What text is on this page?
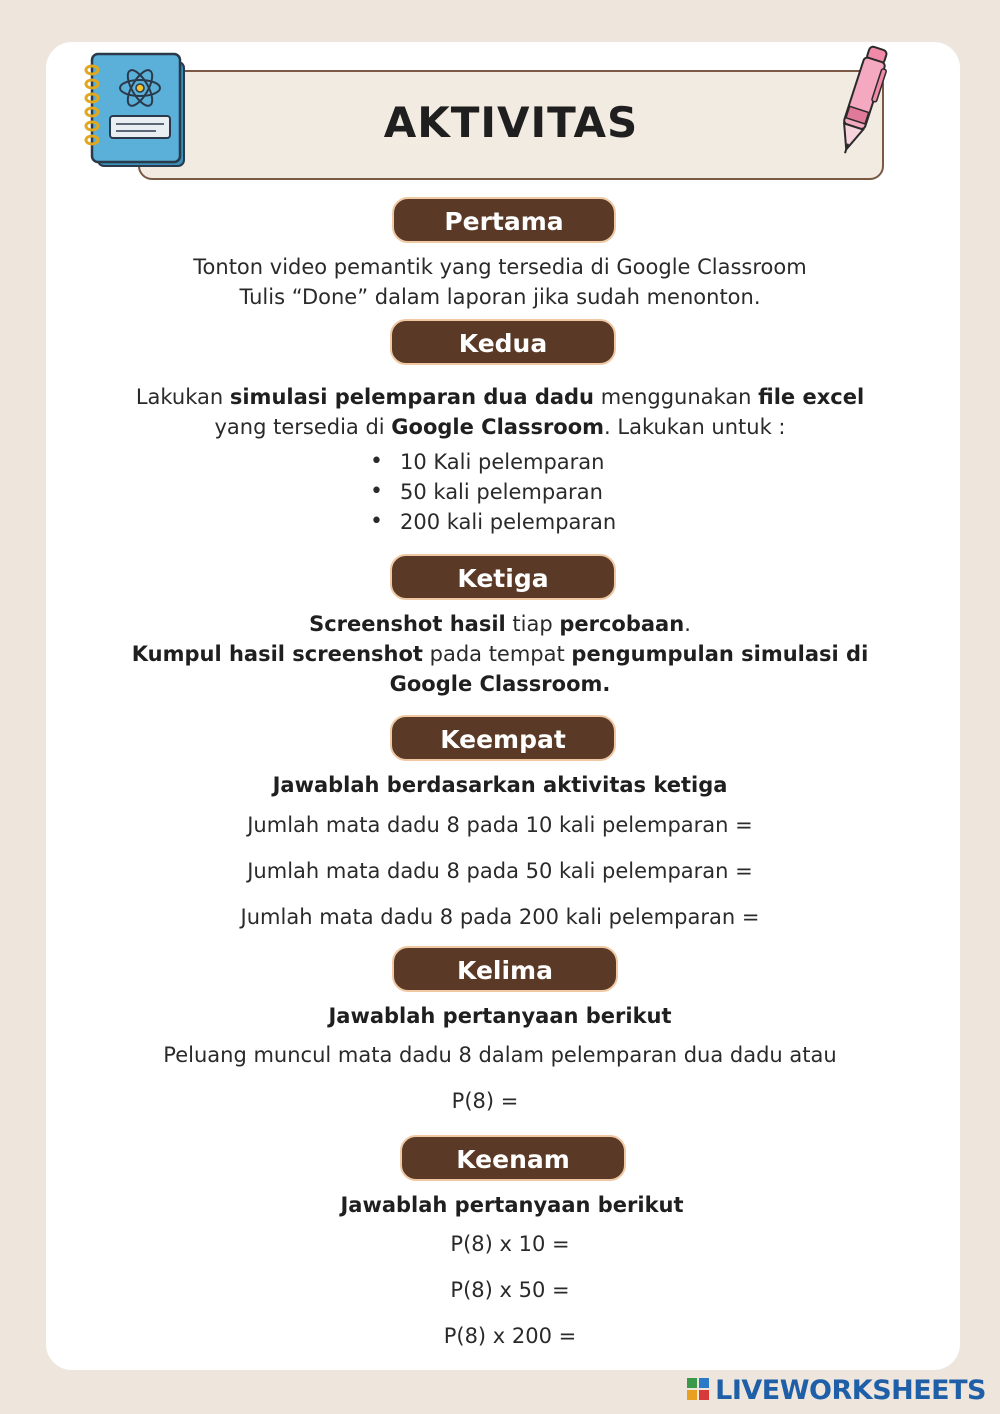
AKTIVITAS
Pertama
Tonton video pemantik yang tersedia di Google Classroom
Tulis “Done” dalam laporan jika sudah menonton.
Kedua
Lakukan simulasi pelemparan dua dadu menggunakan file excel
yang tersedia di Google Classroom. Lakukan untuk :
• 10 Kali pelemparan
• 50 kali pelemparan
• 200 kali pelemparan
Ketiga
Screenshot hasil tiap percobaan.
Kumpul hasil screenshot pada tempat pengumpulan simulasi di
Google Classroom.
Keempat
Jawablah berdasarkan aktivitas ketiga
Jumlah mata dadu 8 pada 10 kali pelemparan =
Jumlah mata dadu 8 pada 50 kali pelemparan =
Jumlah mata dadu 8 pada 200 kali pelemparan =
Kelima
Jawablah pertanyaan berikut
Peluang muncul mata dadu 8 dalam pelemparan dua dadu atau
P(8) =
Keenam
Jawablah pertanyaan berikut
P(8) x 10 =
P(8) x 50 =
P(8) x 200 =
LIVEWORKSHEETS
